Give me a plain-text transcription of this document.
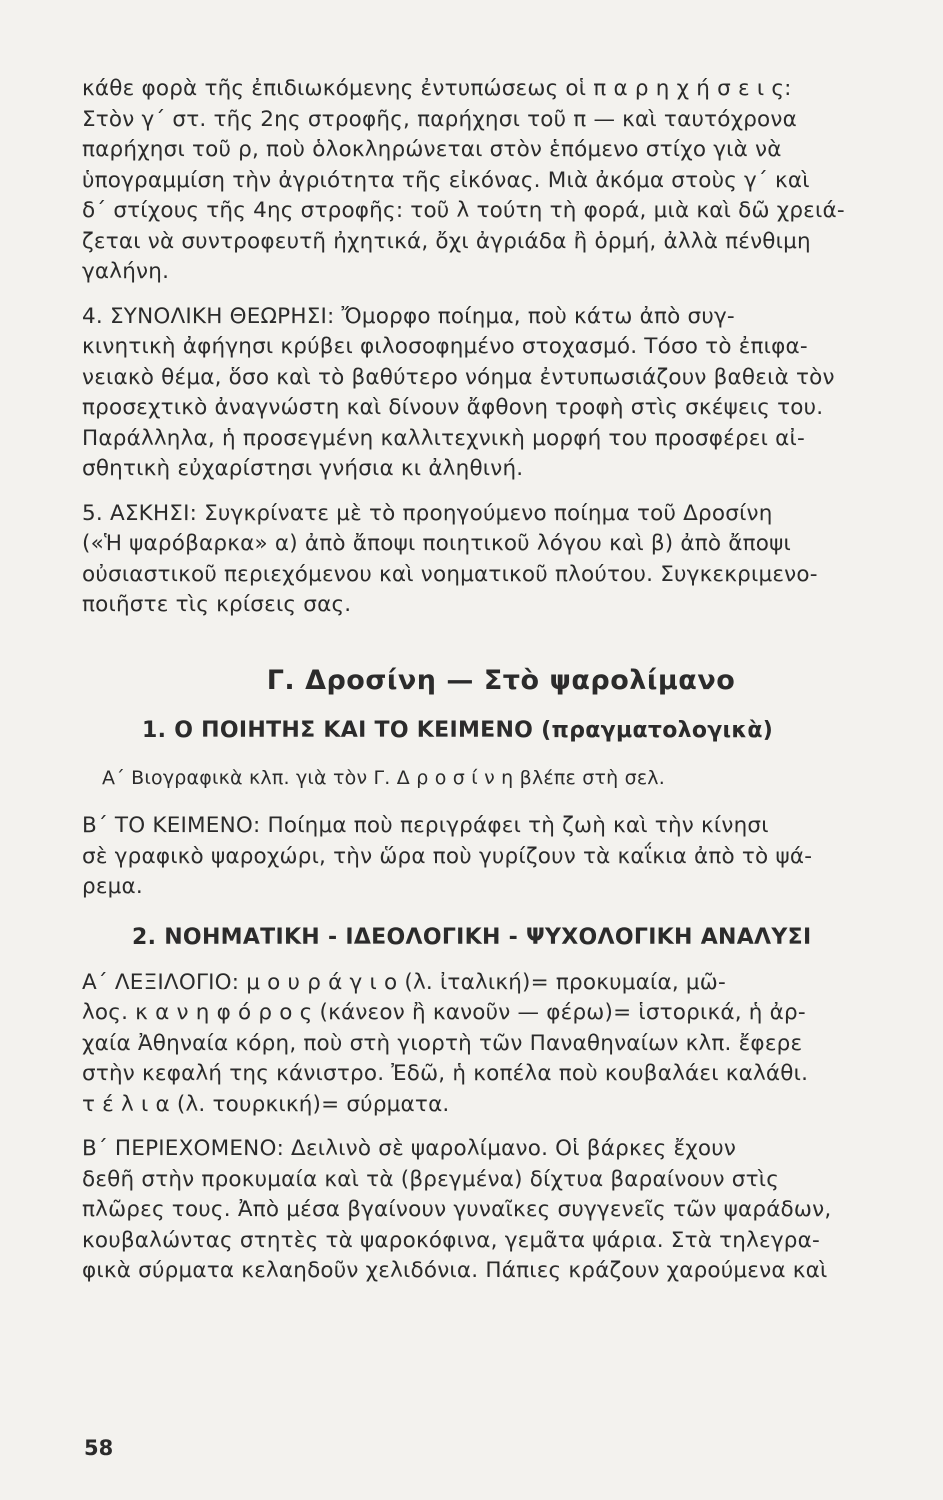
κάθε φορὰ τῆς ἐπιδιωκόμενης ἐντυπώσεως οἱ π α ρ η χ ή σ ε ι ς:
Στὸν γ΄ στ. τῆς 2ης στροφῆς, παρήχησι τοῦ π — καὶ ταυτόχρονα
παρήχησι τοῦ ρ, ποὺ ὁλοκληρώνεται στὸν ἑπόμενο στίχο γιὰ νὰ
ὑπογραμμίση τὴν ἀγριότητα τῆς εἰκόνας. Μιὰ ἀκόμα στοὺς γ΄ καὶ
δ΄ στίχους τῆς 4ης στροφῆς: τοῦ λ τούτη τὴ φορά, μιὰ καὶ δῶ χρειά-
ζεται νὰ συντροφευτῆ ἠχητικά, ὄχι ἀγριάδα ἢ ὁρμή, ἀλλὰ πένθιμη
γαλήνη.
4. ΣΥΝΟΛΙΚΗ ΘΕΩΡΗΣΙ: Ὄμορφο ποίημα, ποὺ κάτω ἀπὸ συγ-
κινητικὴ ἀφήγησι κρύβει φιλοσοφημένο στοχασμό. Τόσο τὸ ἐπιφα-
νειακὸ θέμα, ὅσο καὶ τὸ βαθύτερο νόημα ἐντυπωσιάζουν βαθειὰ τὸν
προσεχτικὸ ἀναγνώστη καὶ δίνουν ἄφθονη τροφὴ στὶς σκέψεις του.
Παράλληλα, ἡ προσεγμένη καλλιτεχνικὴ μορφή του προσφέρει αἰ-
σθητικὴ εὐχαρίστησι γνήσια κι ἀληθινή.
5. ΑΣΚΗΣΙ: Συγκρίνατε μὲ τὸ προηγούμενο ποίημα τοῦ Δροσίνη
(«Ἡ ψαρόβαρκα» α) ἀπὸ ἄποψι ποιητικοῦ λόγου καὶ β) ἀπὸ ἄποψι
οὐσιαστικοῦ περιεχόμενου καὶ νοηματικοῦ πλούτου. Συγκεκριμενο-
ποιῆστε τὶς κρίσεις σας.
Γ. Δροσίνη — Στὸ ψαρολίμανο
1. Ο ΠΟΙΗΤΗΣ ΚΑΙ ΤΟ ΚΕΙΜΕΝΟ (πραγματολογικὰ)
Α΄ Βιογραφικὰ κλπ. γιὰ τὸν Γ. Δ ρ ο σ ί ν η βλέπε στὴ σελ.
Β΄ ΤΟ ΚΕΙΜΕΝΟ: Ποίημα ποὺ περιγράφει τὴ ζωὴ καὶ τὴν κίνησι
σὲ γραφικὸ ψαροχώρι, τὴν ὥρα ποὺ γυρίζουν τὰ καΐκια ἀπὸ τὸ ψά-
ρεμα.
2. ΝΟΗΜΑΤΙΚΗ - ΙΔΕΟΛΟΓΙΚΗ - ΨΥΧΟΛΟΓΙΚΗ ΑΝΑΛΥΣΙ
Α΄ ΛΕΞΙΛΟΓΙΟ: μ ο υ ρ ά γ ι ο (λ. ἰταλική)= προκυμαία, μῶ-
λος. κ α ν η φ ό ρ ο ς (κάνεον ἢ κανοῦν — φέρω)= ἱστορικά, ἡ ἀρ-
χαία Ἀθηναία κόρη, ποὺ στὴ γιορτὴ τῶν Παναθηναίων κλπ. ἔφερε
στὴν κεφαλή της κάνιστρο. Ἐδῶ, ἡ κοπέλα ποὺ κουβαλάει καλάθι.
τ έ λ ι α (λ. τουρκική)= σύρματα.
Β΄ ΠΕΡΙΕΧΟΜΕΝΟ: Δειλινὸ σὲ ψαρολίμανο. Οἱ βάρκες ἔχουν
δεθῆ στὴν προκυμαία καὶ τὰ (βρεγμένα) δίχτυα βαραίνουν στὶς
πλῶρες τους. Ἀπὸ μέσα βγαίνουν γυναῖκες συγγενεῖς τῶν ψαράδων,
κουβαλώντας στητὲς τὰ ψαροκόφινα, γεμᾶτα ψάρια. Στὰ τηλεγρα-
φικὰ σύρματα κελαηδοῦν χελιδόνια. Πάπιες κράζουν χαρούμενα καὶ
58
